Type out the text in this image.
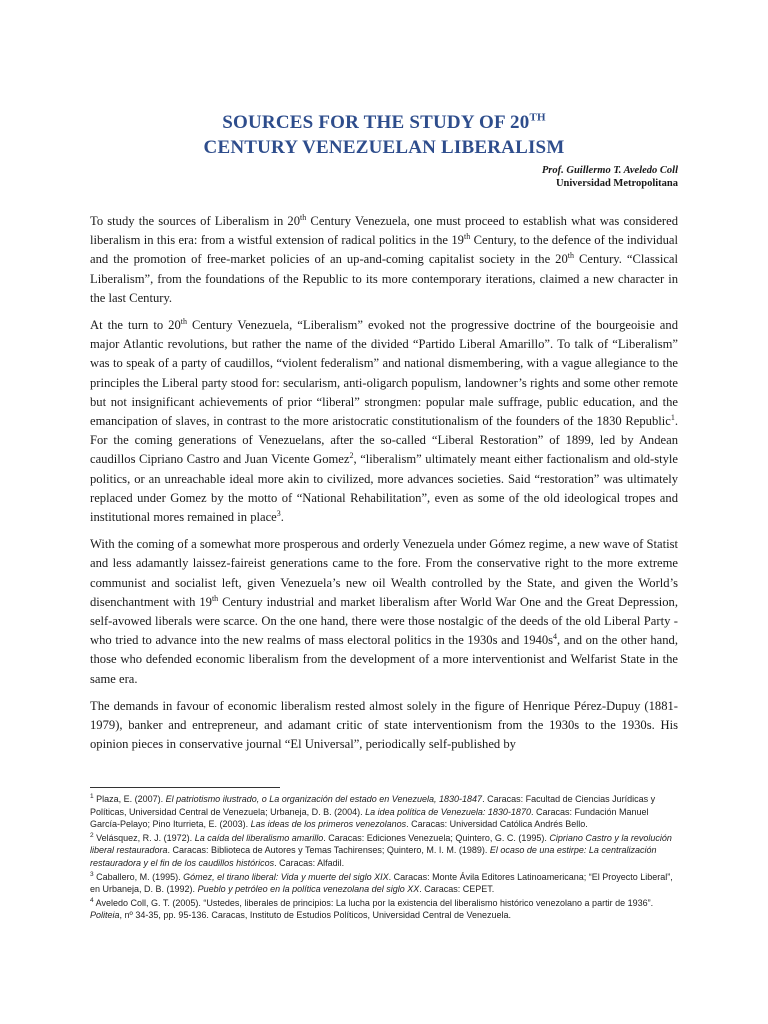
SOURCES FOR THE STUDY OF 20TH
CENTURY VENEZUELAN LIBERALISM
Prof. Guillermo T. Aveledo Coll
Universidad Metropolitana

To study the sources of Liberalism in 20th Century Venezuela, one must proceed to establish what was considered liberalism in this era: from a wistful extension of radical politics in the 19th Century, to the defence of the individual and the promotion of free-market policies of an up-and-coming capitalist society in the 20th Century. “Classical Liberalism”, from the foundations of the Republic to its more contemporary iterations, claimed a new character in the last Century.

At the turn to 20th Century Venezuela, “Liberalism” evoked not the progressive doctrine of the bourgeoisie and major Atlantic revolutions, but rather the name of the divided “Partido Liberal Amarillo”. To talk of “Liberalism” was to speak of a party of caudillos, “violent federalism” and national dismembering, with a vague allegiance to the principles the Liberal party stood for: secularism, anti-oligarch populism, landowner’s rights and some other remote but not insignificant achievements of prior “liberal” strongmen: popular male suffrage, public education, and the emancipation of slaves, in contrast to the more aristocratic constitutionalism of the founders of the 1830 Republic$^1$. For the coming generations of Venezuelans, after the so-called “Liberal Restoration” of 1899, led by Andean caudillos Cipriano Castro and Juan Vicente Gomez$^2$, “liberalism” ultimately meant either factionalism and old-style politics, or an unreachable ideal more akin to civilized, more advances societies. Said “restoration” was ultimately replaced under Gomez by the motto of “National Rehabilitation”, even as some of the old ideological tropes and institutional mores remained in place$^3$.

With the coming of a somewhat more prosperous and orderly Venezuela under Gómez regime, a new wave of Statist and less adamantly laissez-faireist generations came to the fore. From the conservative right to the more extreme communist and socialist left, given Venezuela’s new oil Wealth controlled by the State, and given the World’s disenchantment with 19th Century industrial and market liberalism after World War One and the Great Depression, self-avowed liberals were scarce. On the one hand, there were those nostalgic of the deeds of the old Liberal Party -who tried to advance into the new realms of mass electoral politics in the 1930s and $1940s^4$, and on the other hand, those who defended economic liberalism from the development of a more interventionist and Welfarist State in the same era.

The demands in favour of economic liberalism rested almost solely in the figure of Henrique Pérez-Dupuy (1881-1979), banker and entrepreneur, and adamant critic of state interventionism from the 1930s to the 1930s. His opinion pieces in conservative journal “El Universal”, periodically self-published by

$^1$ Plaza, E. (2007). El patriotismo ilustrado, o La organización del estado en Venezuela, 1830-1847. Caracas: Facultad de Ciencias Jurídicas y Políticas, Universidad Central de Venezuela; Urbaneja, D. B. (2004). La idea política de Venezuela: 1830-1870. Caracas: Fundación Manuel García-Pelayo; Pino Iturrieta, E. (2003). Las ideas de los primeros venezolanos. Caracas: Universidad Católica Andrés Bello.
$^2$ Velásquez, R. J. (1972). La caída del liberalismo amarillo. Caracas: Ediciones Venezuela; Quintero, G. C. (1995). Cipriano Castro y la revolución liberal restauradora. Caracas: Biblioteca de Autores y Temas Tachirenses; Quintero, M. I. M. (1989). El ocaso de una estirpe: La centralización restauradora y el fin de los caudillos históricos. Caracas: Alfadil.
$^3$ Caballero, M. (1995). Gómez, el tirano liberal: Vida y muerte del siglo XIX. Caracas: Monte Ávila Editores Latinoamericana; “El Proyecto Liberal”, en Urbaneja, D. B. (1992). Pueblo y petróleo en la política venezolana del siglo XX. Caracas: CEPET.
$^4$ Aveledo Coll, G. T. (2005). “Ustedes, liberales de principios: La lucha por la existencia del liberalismo histórico venezolano a partir de 1936”. Politeia, nº 34-35, pp. 95-136. Caracas, Instituto de Estudios Políticos, Universidad Central de Venezuela.
